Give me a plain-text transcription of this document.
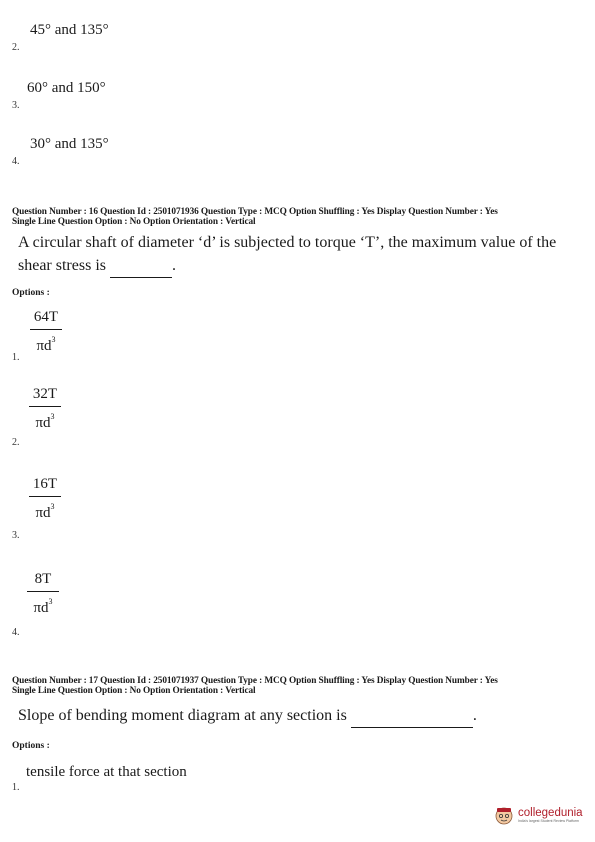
45° and 135°
2.
60° and 150°
3.
30° and 135°
4.
Question Number : 16 Question Id : 2501071936 Question Type : MCQ Option Shuffling : Yes Display Question Number : Yes
Single Line Question Option : No Option Orientation : Vertical
A circular shaft of diameter ‘d’ is subjected to torque ‘T’, the maximum value of the
shear stress is	.
Options :
64T
$\pi d^3$
1.
32T
$\pi d^3$
2.
16T
$\pi d^3$
3.
8T
$\pi d^3$
4.
Question Number : 17 Question Id : 2501071937 Question Type : MCQ Option Shuffling : Yes Display Question Number : Yes
Single Line Question Option : No Option Orientation : Vertical
Slope of bending moment diagram at any section is	.
Options :
tensile force at that section
1.
collegedunia
India's largest Student Review Platform
